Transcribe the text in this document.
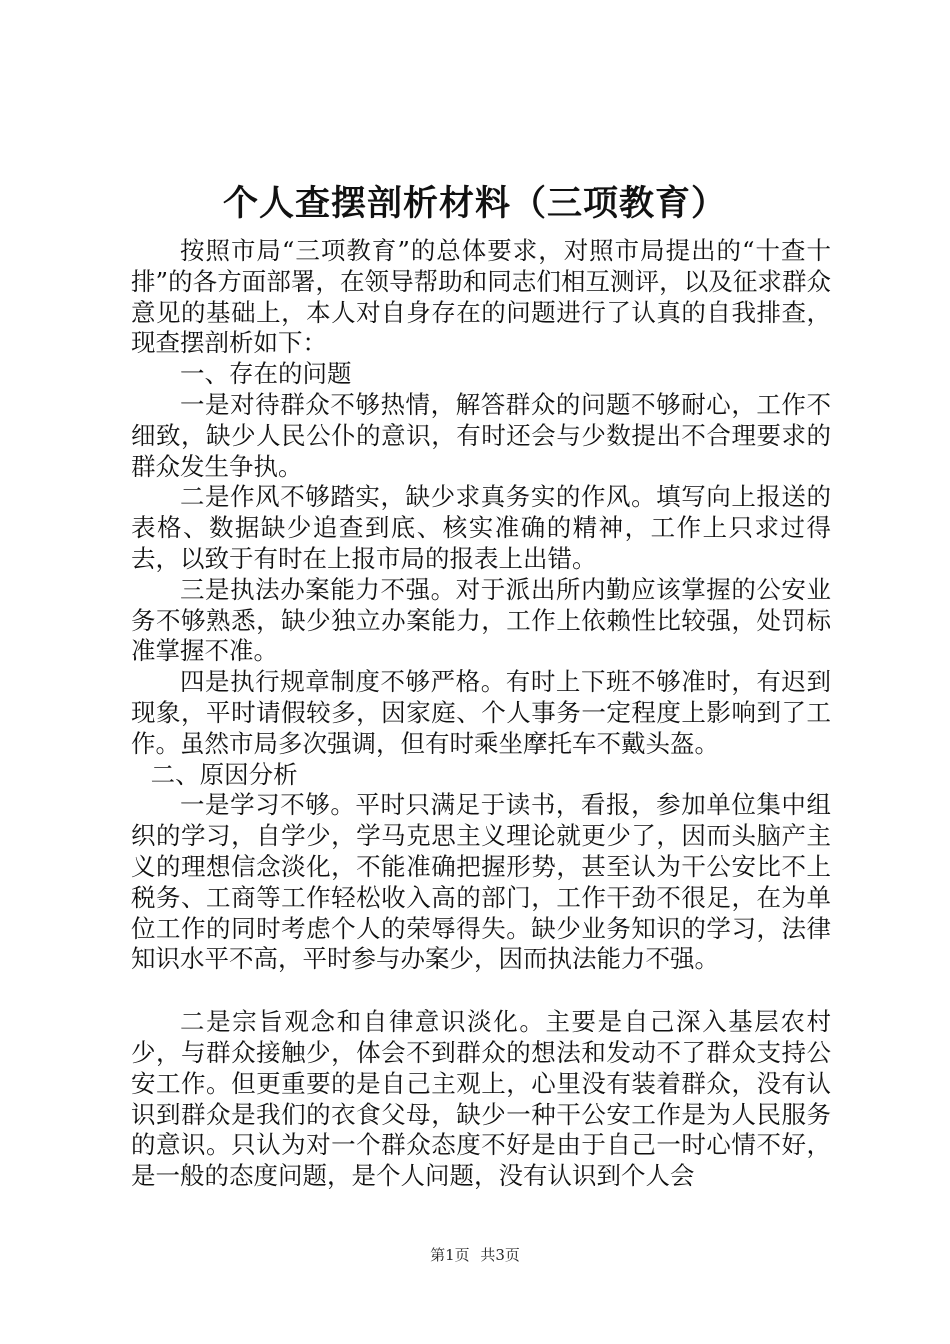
个人查摆剖析材料（三项教育）

按照市局“三项教育”的总体要求，对照市局提出的“十查十排”的各方面部署，在领导帮助和同志们相互测评，以及征求群众意见的基础上，本人对自身存在的问题进行了认真的自我排查，现查摆剖析如下：

一、存在的问题

一是对待群众不够热情，解答群众的问题不够耐心，工作不细致，缺少人民公仆的意识，有时还会与少数提出不合理要求的群众发生争执。

二是作风不够踏实，缺少求真务实的作风。填写向上报送的表格、数据缺少追查到底、核实准确的精神，工作上只求过得去，以致于有时在上报市局的报表上出错。

三是执法办案能力不强。对于派出所内勤应该掌握的公安业务不够熟悉，缺少独立办案能力，工作上依赖性比较强，处罚标准掌握不准。

四是执行规章制度不够严格。有时上下班不够准时，有迟到现象，平时请假较多，因家庭、个人事务一定程度上影响到了工作。虽然市局多次强调，但有时乘坐摩托车不戴头盔。

二、原因分析

一是学习不够。平时只满足于读书，看报，参加单位集中组织的学习，自学少，学马克思主义理论就更少了，因而头脑产主义的理想信念淡化，不能准确把握形势，甚至认为干公安比不上税务、工商等工作轻松收入高的部门，工作干劲不很足，在为单位工作的同时考虑个人的荣辱得失。缺少业务知识的学习，法律知识水平不高，平时参与办案少，因而执法能力不强。

二是宗旨观念和自律意识淡化。主要是自己深入基层农村少，与群众接触少，体会不到群众的想法和发动不了群众支持公安工作。但更重要的是自己主观上，心里没有装着群众，没有认识到群众是我们的衣食父母，缺少一种干公安工作是为人民服务的意识。只认为对一个群众态度不好是由于自己一时心情不好，是一般的态度问题，是个人问题，没有认识到个人会

第1页 共3页
